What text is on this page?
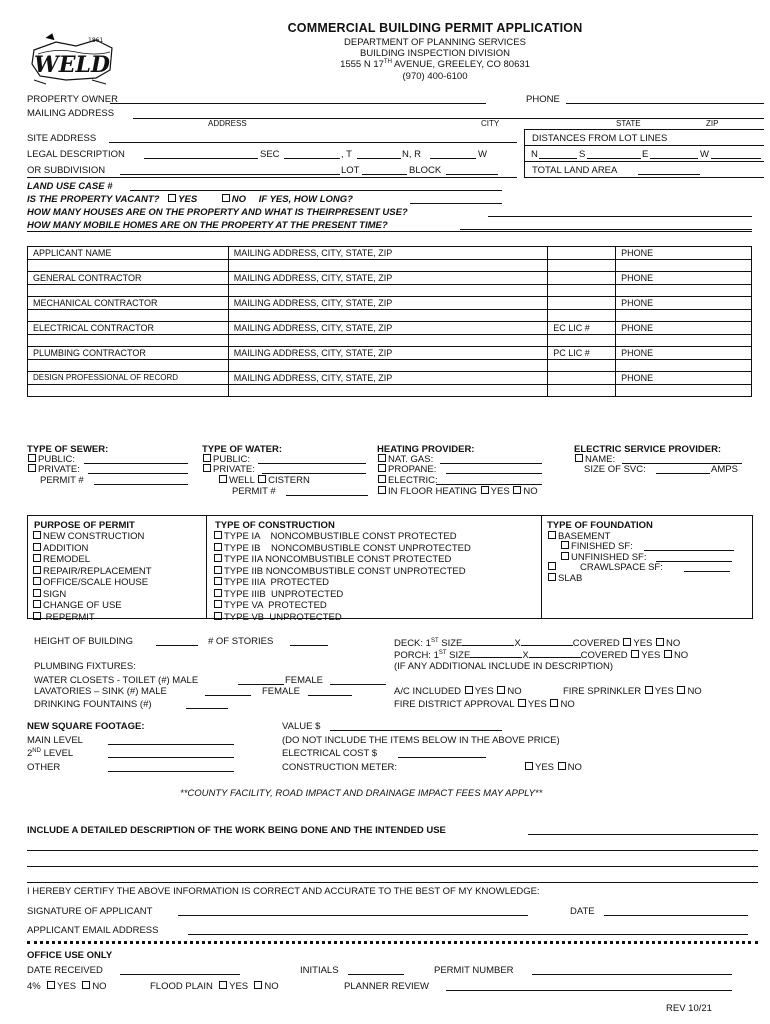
WELD
1861
COMMERCIAL BUILDING PERMIT APPLICATION
DEPARTMENT OF PLANNING SERVICES
BUILDING INSPECTION DIVISION
1555 N 17TH AVENUE, GREELEY, CO 80631
(970) 400-6100
PROPERTY OWNER	PHONE
MAILING ADDRESS
ADDRESS	CITY	STATE	ZIP
SITE ADDRESS	DISTANCES FROM LOT LINES
LEGAL DESCRIPTION	SEC	, T	N, R	W	N	S	E	W
OR SUBDIVISION	LOT	BLOCK	TOTAL LAND AREA
LAND USE CASE #
IS THE PROPERTY VACANT? YES	NO IF YES, HOW LONG?
HOW MANY HOUSES ARE ON THE PROPERTY AND WHAT IS THEIRPRESENT USE?
HOW MANY MOBILE HOMES ARE ON THE PROPERTY AT THE PRESENT TIME?
APPLICANT NAME	MAILING ADDRESS, CITY, STATE, ZIP		PHONE

GENERAL CONTRACTOR	MAILING ADDRESS, CITY, STATE, ZIP		PHONE

MECHANICAL CONTRACTOR	MAILING ADDRESS, CITY, STATE, ZIP		PHONE

ELECTRICAL CONTRACTOR	MAILING ADDRESS, CITY, STATE, ZIP	EC LIC #	PHONE

PLUMBING CONTRACTOR	MAILING ADDRESS, CITY, STATE, ZIP	PC LIC #	PHONE

DESIGN PROFESSIONAL OF RECORD	MAILING ADDRESS, CITY, STATE, ZIP		PHONE

TYPE OF SEWER:
PUBLIC:
PRIVATE:
PERMIT #
TYPE OF WATER:
PUBLIC:
PRIVATE:
WELL CISTERN
PERMIT #
HEATING PROVIDER:
NAT. GAS:
PROPANE:
ELECTRIC:
IN FLOOR HEATING YES NO
ELECTRIC SERVICE PROVIDER:
NAME:
SIZE OF SVC:	AMPS
PURPOSE OF PERMIT
NEW CONSTRUCTION
ADDITION
REMODEL
REPAIR/REPLACEMENT
OFFICE/SCALE HOUSE
SIGN
CHANGE OF USE
REPERMIT
TYPE OF CONSTRUCTION
TYPE IA    NONCOMBUSTIBLE CONST PROTECTED
TYPE IB    NONCOMBUSTIBLE CONST UNPROTECTED
TYPE IIA NONCOMBUSTIBLE CONST PROTECTED
TYPE IIB NONCOMBUSTIBLE CONST UNPROTECTED
TYPE IIIA  PROTECTED
TYPE IIIB  UNPROTECTED
TYPE VA  PROTECTED
TYPE VB  UNPROTECTED
TYPE OF FOUNDATION
BASEMENT
FINISHED SF:
UNFINISHED SF:
CRAWLSPACE SF:
SLAB
HEIGHT OF BUILDING	# OF STORIES	DECK: 1ST SIZE	X	COVERED YES NO
PORCH: 1ST SIZE	X	COVERED YES NO
PLUMBING FIXTURES:	(IF ANY ADDITIONAL INCLUDE IN DESCRIPTION)
WATER CLOSETS - TOILET (#) MALE	FEMALE
LAVATORIES – SINK (#) MALE	FEMALE
DRINKING FOUNTAINS (#)
A/C INCLUDED YES NO	FIRE SPRINKLER YES NO
FIRE DISTRICT APPROVAL YES NO
NEW SQUARE FOOTAGE:
MAIN LEVEL
2ND LEVEL
OTHER
VALUE $
(DO NOT INCLUDE THE ITEMS BELOW IN THE ABOVE PRICE)
ELECTRICAL COST $
CONSTRUCTION METER:	YES NO
**COUNTY FACILITY, ROAD IMPACT AND DRAINAGE IMPACT FEES MAY APPLY**
INCLUDE A DETAILED DESCRIPTION OF THE WORK BEING DONE AND THE INTENDED USE
I HEREBY CERTIFY THE ABOVE INFORMATION IS CORRECT AND ACCURATE TO THE BEST OF MY KNOWLEDGE:
SIGNATURE OF APPLICANT	DATE
APPLICANT EMAIL ADDRESS
OFFICE USE ONLY
DATE RECEIVED	INITIALS	PERMIT NUMBER
4% YES NO	FLOOD PLAIN YES NO	PLANNER REVIEW
REV 10/21
